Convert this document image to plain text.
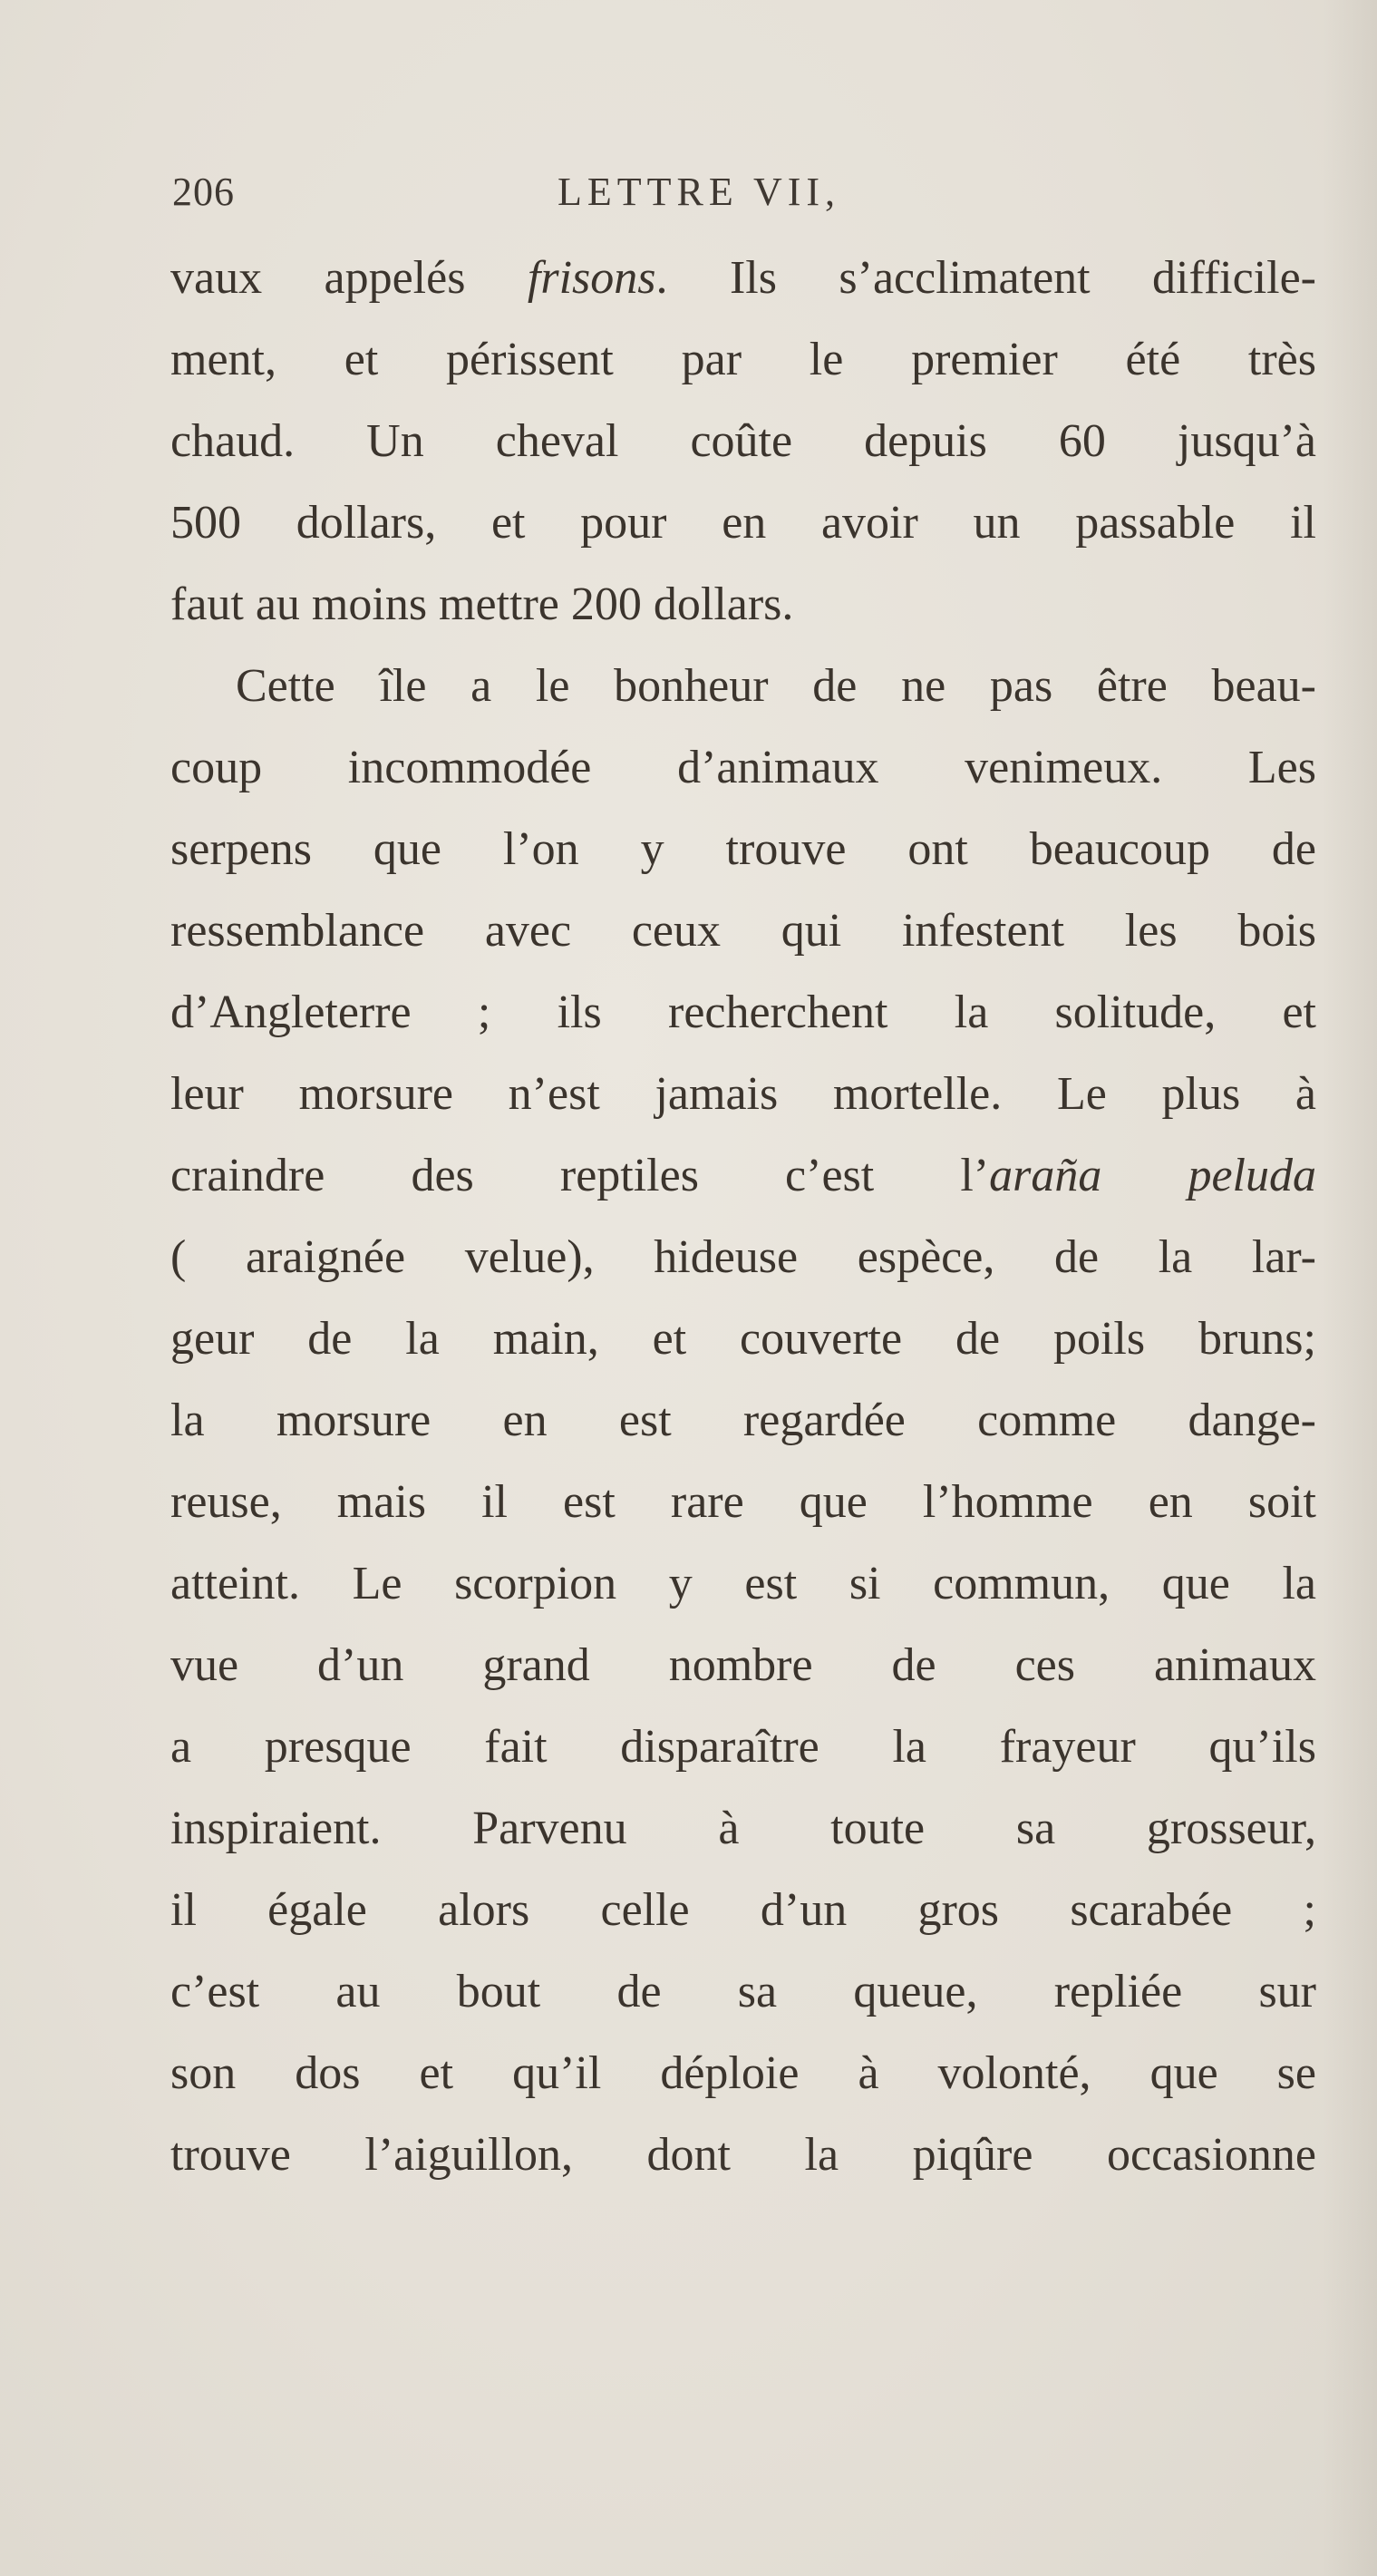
206	LETTRE VII,
vaux appelés frisons. Ils s’acclimatent difficile-
ment, et périssent par le premier été très
chaud. Un cheval coûte depuis 60 jusqu’à
500 dollars, et pour en avoir un passable il
faut au moins mettre 200 dollars.
Cette île a le bonheur de ne pas être beau-
coup incommodée d’animaux venimeux. Les
serpens que l’on y trouve ont beaucoup de
ressemblance avec ceux qui infestent les bois
d’Angleterre ; ils recherchent la solitude, et
leur morsure n’est jamais mortelle. Le plus à
craindre des reptiles c’est l’araña peluda
( araignée velue), hideuse espèce, de la lar-
geur de la main, et couverte de poils bruns;
la morsure en est regardée comme dange-
reuse, mais il est rare que l’homme en soit
atteint. Le scorpion y est si commun, que la
vue d’un grand nombre de ces animaux
a presque fait disparaître la frayeur qu’ils
inspiraient. Parvenu à toute sa grosseur,
il égale alors celle d’un gros scarabée ;
c’est au bout de sa queue, repliée sur
son dos et qu’il déploie à volonté, que se
trouve l’aiguillon, dont la piqûre occasionne
